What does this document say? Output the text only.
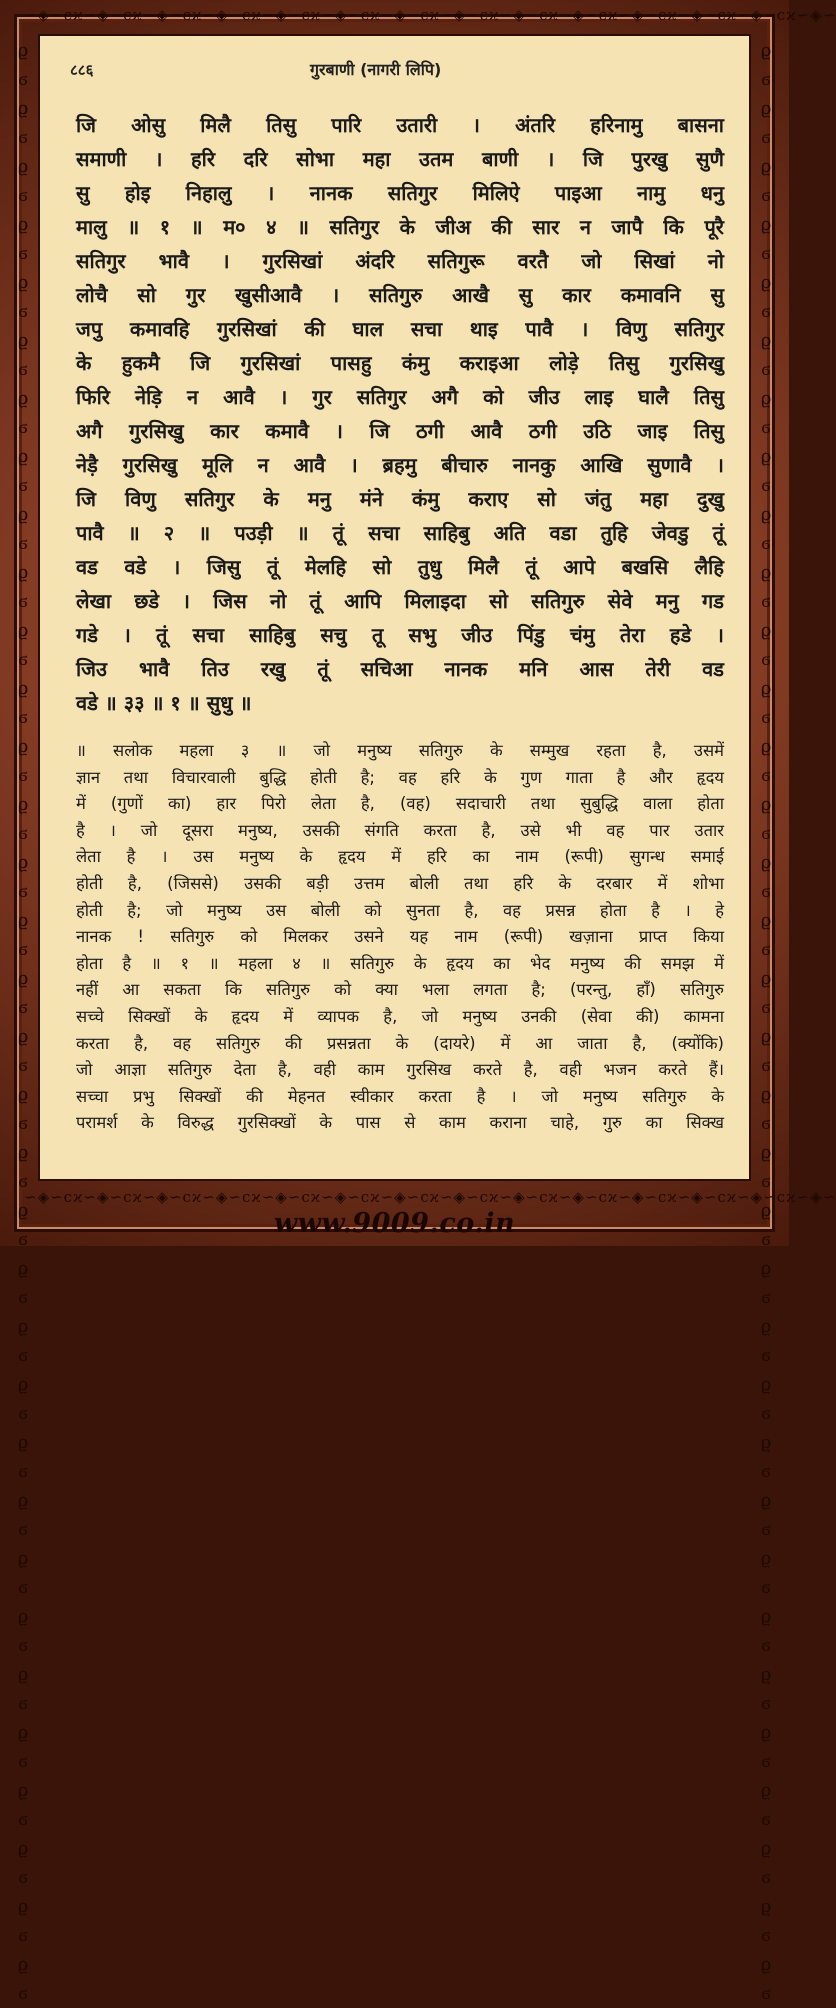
∽◈∽ϲϰ∽◈∽ϲϰ∽◈∽ϲϰ∽◈∽ϲϰ∽◈∽ϲϰ∽◈∽ϲϰ∽◈∽ϲϰ∽◈∽ϲϰ∽◈∽ϲϰ∽◈∽ϲϰ∽◈∽ϲϰ∽◈∽ϲϰ∽◈∽ϲϰ∽◈∽
∽◈∽ϲϰ∽◈∽ϲϰ∽◈∽ϲϰ∽◈∽ϲϰ∽◈∽ϲϰ∽◈∽ϲϰ∽◈∽ϲϰ∽◈∽ϲϰ∽◈∽ϲϰ∽◈∽ϲϰ∽◈∽ϲϰ∽◈∽ϲϰ∽◈∽ϲϰ∽◈∽
ϱϭϱϭϱϭϱϭϱϭϱϭϱϭϱϭϱϭϱϭϱϭϱϭϱϭϱϭϱϭϱϭϱϭϱϭϱϭϱϭϱϭϱϭϱϭϱϭϱϭϱϭϱϭϱϭϱϭϱϭϱϭϱϭϱϭϱϭ
ϱϭϱϭϱϭϱϭϱϭϱϭϱϭϱϭϱϭϱϭϱϭϱϭϱϭϱϭϱϭϱϭϱϭϱϭϱϭϱϭϱϭϱϭϱϭϱϭϱϭϱϭϱϭϱϭϱϭϱϭϱϭϱϭϱϭϱϭ
८८६	गुरबाणी (नागरी लिपि)
जि ओसु मिलै तिसु पारि उतारी । अंतरि हरिनामु बासना
समाणी । हरि दरि सोभा महा उतम बाणी । जि पुरखु सुणै
सु होइ निहालु । नानक सतिगुर मिलिऐ पाइआ नामु धनु
मालु ॥ १ ॥ म० ४ ॥ सतिगुर के जीअ की सार न जापै कि पूरै
सतिगुर भावै । गुरसिखां अंदरि सतिगुरू वरतै जो सिखां नो
लोचै सो गुर खुसीआवै । सतिगुरु आखै सु कार कमावनि सु
जपु कमावहि गुरसिखां की घाल सचा थाइ पावै । विणु सतिगुर
के हुकमै जि गुरसिखां पासहु कंमु कराइआ लोड़े तिसु गुरसिखु
फिरि नेड़ि न आवै । गुर सतिगुर अगै को जीउ लाइ घालै तिसु
अगै गुरसिखु कार कमावै । जि ठगी आवै ठगी उठि जाइ तिसु
नेड़ै गुरसिखु मूलि न आवै । ब्रहमु बीचारु नानकु आखि सुणावै ।
जि विणु सतिगुर के मनु मंने कंमु कराए सो जंतु महा दुखु
पावै ॥ २ ॥ पउड़ी ॥ तूं सचा साहिबु अति वडा तुहि जेवडु तूं
वड वडे । जिसु तूं मेलहि सो तुधु मिलै तूं आपे बखसि लैहि
लेखा छडे । जिस नो तूं आपि मिलाइदा सो सतिगुरु सेवे मनु गड
गडे । तूं सचा साहिबु सचु तू सभु जीउ पिंडु चंमु तेरा हडे ।
जिउ भावै तिउ रखु तूं सचिआ नानक मनि आस तेरी वड
वडे ॥ ३३ ॥ १ ॥ सुधु ॥
॥ सलोक महला ३ ॥ जो मनुष्य सतिगुरु के सम्मुख रहता है, उसमें
ज्ञान तथा विचारवाली बुद्धि होती है; वह हरि के गुण गाता है और हृदय
में (गुणों का) हार पिरो लेता है, (वह) सदाचारी तथा सुबुद्धि वाला होता
है । जो दूसरा मनुष्य, उसकी संगति करता है, उसे भी वह पार उतार
लेता है । उस मनुष्य के हृदय में हरि का नाम (रूपी) सुगन्ध समाई
होती है, (जिससे) उसकी बड़ी उत्तम बोली तथा हरि के दरबार में शोभा
होती है; जो मनुष्य उस बोली को सुनता है, वह प्रसन्न होता है । हे
नानक ! सतिगुरु को मिलकर उसने यह नाम (रूपी) खज़ाना प्राप्त किया
होता है ॥ १ ॥ महला ४ ॥ सतिगुरु के हृदय का भेद मनुष्य की समझ में
नहीं आ सकता कि सतिगुरु को क्या भला लगता है; (परन्तु, हाँ) सतिगुरु
सच्चे सिक्खों के हृदय में व्यापक है, जो मनुष्य उनकी (सेवा की) कामना
करता है, वह सतिगुरु की प्रसन्नता के (दायरे) में आ जाता है, (क्योंकि)
जो आज्ञा सतिगुरु देता है, वही काम गुरसिख करते है, वही भजन करते हैं।
सच्चा प्रभु सिक्खों की मेहनत स्वीकार करता है । जो मनुष्य सतिगुरु के
परामर्श के विरुद्ध गुरसिक्खों के पास से काम कराना चाहे, गुरु का सिक्ख
www.9009.co.in
